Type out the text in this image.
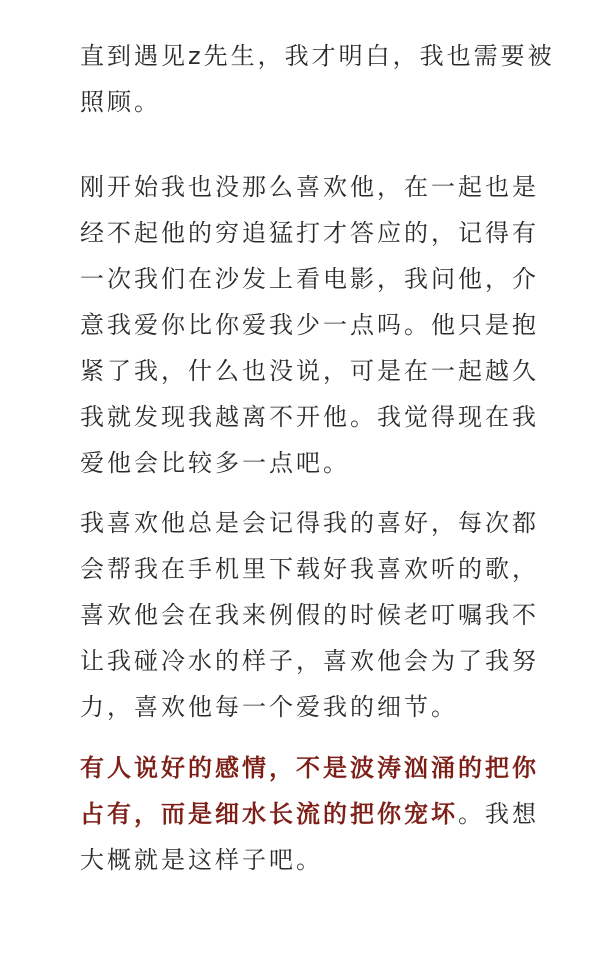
直到遇见z先生，我才明白，我也需要被
照顾。
刚开始我也没那么喜欢他，在一起也是
经不起他的穷追猛打才答应的，记得有
一次我们在沙发上看电影，我问他，介
意我爱你比你爱我少一点吗。他只是抱
紧了我，什么也没说，可是在一起越久
我就发现我越离不开他。我觉得现在我
爱他会比较多一点吧。
我喜欢他总是会记得我的喜好，每次都
会帮我在手机里下载好我喜欢听的歌，
喜欢他会在我来例假的时候老叮嘱我不
让我碰冷水的样子，喜欢他会为了我努
力，喜欢他每一个爱我的细节。
有人说好的感情，不是波涛汹涌的把你
占有，而是细水长流的把你宠坏。我想
大概就是这样子吧。
